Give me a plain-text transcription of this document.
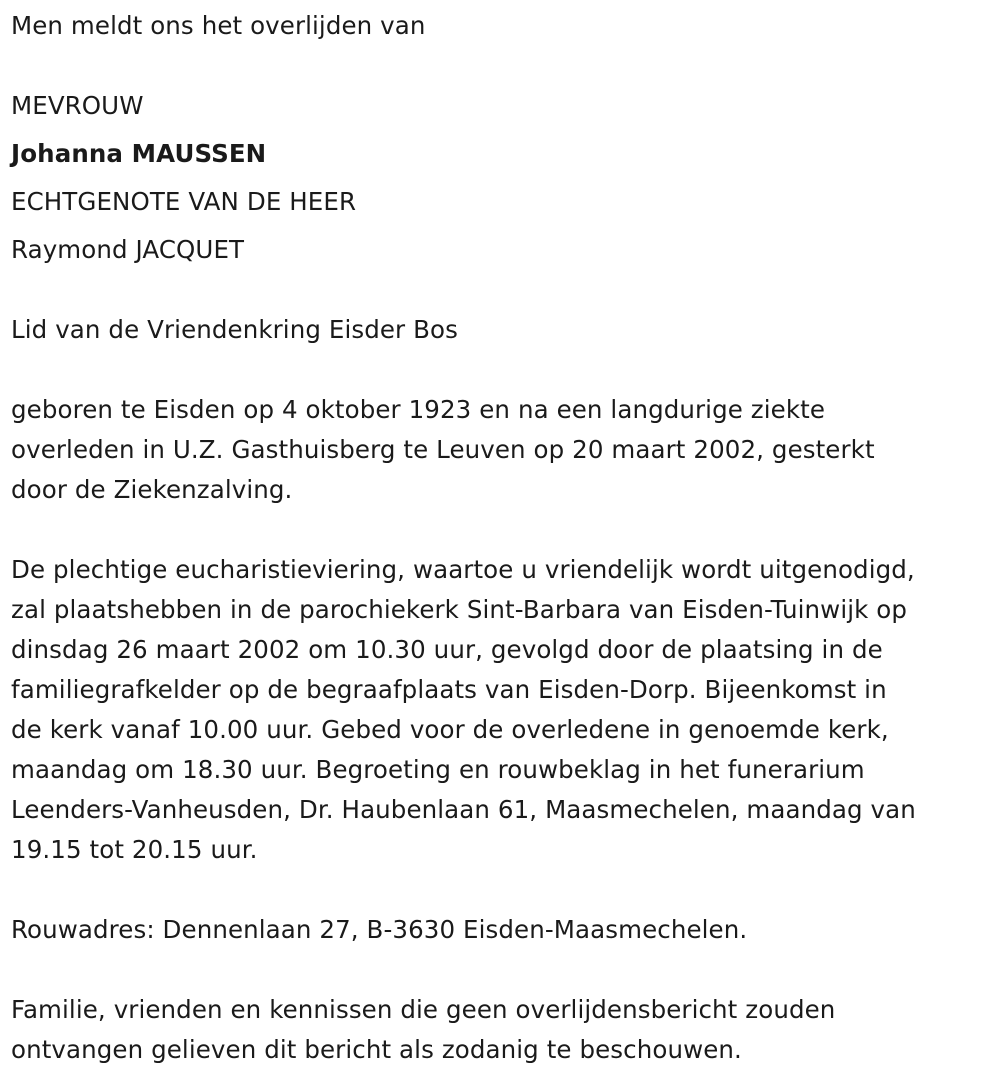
Men meldt ons het overlijden van
MEVROUW
Johanna MAUSSEN
ECHTGENOTE VAN DE HEER
Raymond JACQUET
Lid van de Vriendenkring Eisder Bos
geboren te Eisden op 4 oktober 1923 en na een langdurige ziekte
overleden in U.Z. Gasthuisberg te Leuven op 20 maart 2002, gesterkt
door de Ziekenzalving.
De plechtige eucharistieviering, waartoe u vriendelijk wordt uitgenodigd,
zal plaatshebben in de parochiekerk Sint-Barbara van Eisden-Tuinwijk op
dinsdag 26 maart 2002 om 10.30 uur, gevolgd door de plaatsing in de
familiegrafkelder op de begraafplaats van Eisden-Dorp. Bijeenkomst in
de kerk vanaf 10.00 uur. Gebed voor de overledene in genoemde kerk,
maandag om 18.30 uur. Begroeting en rouwbeklag in het funerarium
Leenders-Vanheusden, Dr. Haubenlaan 61, Maasmechelen, maandag van
19.15 tot 20.15 uur.
Rouwadres: Dennenlaan 27, B-3630 Eisden-Maasmechelen.
Familie, vrienden en kennissen die geen overlijdensbericht zouden
ontvangen gelieven dit bericht als zodanig te beschouwen.
